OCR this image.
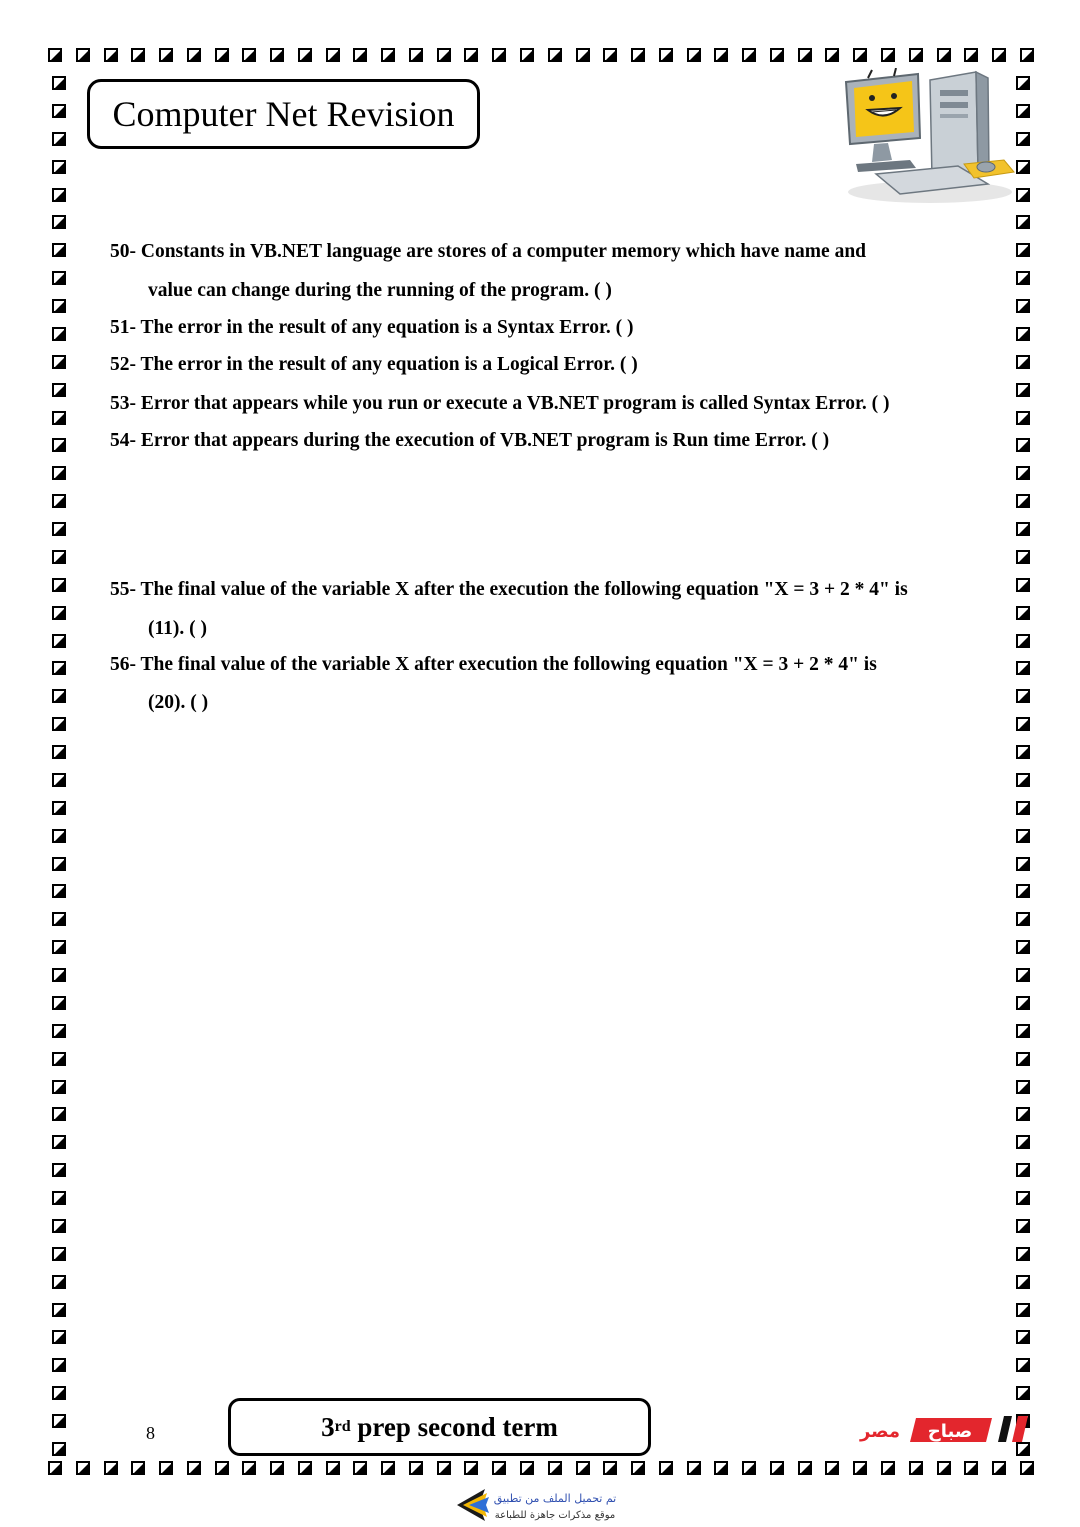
Computer Net Revision
50- Constants in VB.NET language are stores of a computer memory which have name and
value can change during the running of the program. ( )
51- The error in the result of any equation is a Syntax Error. ( )
52- The error in the result of any equation is a Logical Error. ( )
53- Error that appears while you run or execute a VB.NET program is called Syntax Error. ( )
54- Error that appears during the execution of VB.NET program is Run time Error. ( )
55- The final value of the variable X after the execution the following equation "X = 3 + 2 * 4" is
(11). ( )
56- The final value of the variable X after execution the following equation "X = 3 + 2 * 4" is
(20). ( )
8	3 rd prep second term	صباح
مصر
تم تحميل الملف من تطبيق
موقع مذكرات جاهزة للطباعة
